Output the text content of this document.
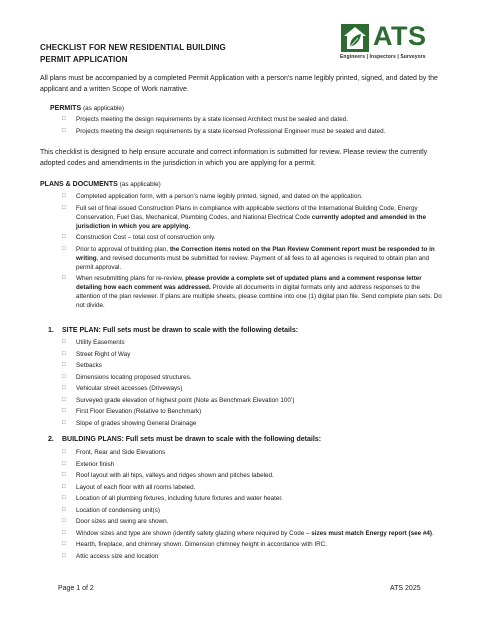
CHECKLIST FOR NEW RESIDENTIAL BUILDING
PERMIT APPLICATION
ATS
Engineers | Inspectors | Surveyors
All plans must be accompanied by a completed Permit Application with a person’s name legibly printed, signed, and dated by the applicant and a written Scope of Work narrative.
PERMITS (as applicable)
□	Projects meeting the design requirements by a state licensed Architect must be sealed and dated.
□	Projects meeting the design requirements by a state licensed Professional Engineer must be sealed and dated.
This checklist is designed to help ensure accurate and correct information is submitted for review. Please review the currently adopted codes and amendments in the jurisdiction in which you are applying for a permit.
PLANS & DOCUMENTS (as applicable)
□	Completed application form, with a person’s name legibly printed, signed, and dated on the application.
□	Full set of final issued Construction Plans in compliance with applicable sections of the International Building Code, Energy Conservation, Fuel Gas, Mechanical, Plumbing Codes, and National Electrical Code currently adopted and amended in the jurisdiction in which you are applying.
□	Construction Cost – total cost of construction only.
□	Prior to approval of building plan, the Correction items noted on the Plan Review Comment report must be responded to in writing, and revised documents must be submitted for review. Payment of all fees to all agencies is required to obtain plan and permit approval.
□	When resubmitting plans for re-review, please provide a complete set of updated plans and a comment response letter detailing how each comment was addressed. Provide all documents in digital formats only and address responses to the attention of the plan reviewer. If plans are multiple sheets, please combine into one (1) digital plan file. Send complete plan sets. Do not divide.
1. SITE PLAN: Full sets must be drawn to scale with the following details:
□	Utility Easements
□	Street Right of Way
□	Setbacks
□	Dimensions locating proposed structures.
□	Vehicular street accesses (Driveways)
□	Surveyed grade elevation of highest point (Note as Benchmark Elevation 100’)
□	First Floor Elevation (Relative to Benchmark)
□	Slope of grades showing General Drainage
2. BUILDING PLANS: Full sets must be drawn to scale with the following details:
□	Front, Rear and Side Elevations
□	Exterior finish
□	Roof layout with all hips, valleys and ridges shown and pitches labeled.
□	Layout of each floor with all rooms labeled.
□	Location of all plumbing fixtures, including future fixtures and water heater.
□	Location of condensing unit(s)
□	Door sizes and swing are shown.
□	Window sizes and type are shown (identify safety glazing where required by Code – sizes must match Energy report (see #4).
□	Hearth, fireplace, and chimney shown. Dimension chimney height in accordance with IRC.
□	Attic access size and location
Page 1 of 2	ATS 2025
